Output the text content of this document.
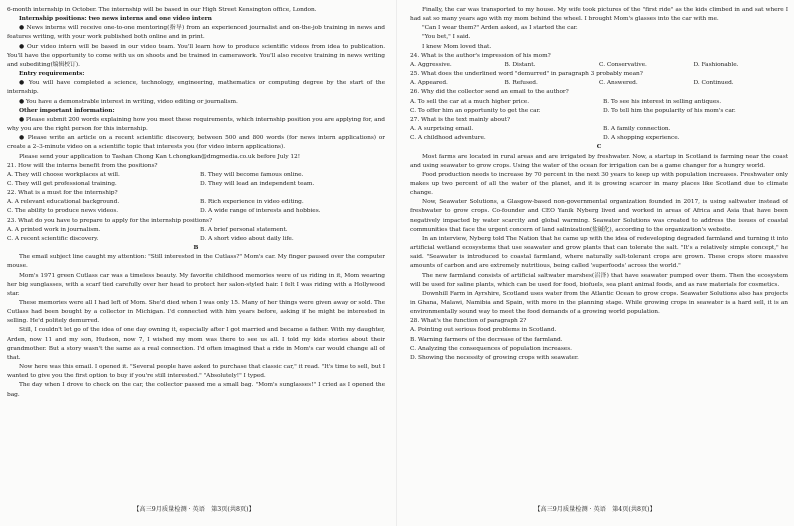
6-month internship in October. The internship will be based in our High Street Kensington office, London.

Internship positions: two news interns and one video intern

● News interns will receive one-to-one mentoring(指导) from an experienced journalist and on-the-job training in news and features writing, with your work published both online and in print.

● Our video intern will be based in our video team. You'll learn how to produce scientific videos from idea to publication. You'll have the opportunity to come with us on shoots and be trained in camerawork. You'll also receive training in news writing and subediting(编辑校订).

Entry requirements:

● You will have completed a science, technology, engineering, mathematics or computing degree by the start of the internship.

● You have a demonstrable interest in writing, video editing or journalism.

Other important information:

● Please submit 200 words explaining how you meet these requirements, which internship position you are applying for, and why you are the right person for this internship.

● Please write an article on a recent scientific discovery, between 500 and 800 words (for news intern applications) or create a 2–3-minute video on a scientific topic that interests you (for video intern applications).

Please send your application to Tashan Chong Kan t.chongkan@dmgmedia.co.uk before July 12!

21. How will the interns benefit from the positions?

A. They will choose workplaces at will.	B. They will become famous online.
C. They will get professional training.	D. They will lead an independent team.

22. What is a must for the internship?

A. A relevant educational background.	B. Rich experience in video editing.
C. The ability to produce news videos.	D. A wide range of interests and hobbies.

23. What do you have to prepare to apply for the internship positions?

A. A printed work in journalism.	B. A brief personal statement.
C. A recent scientific discovery.	D. A short video about daily life.

B

The email subject line caught my attention: "Still interested in the Cutlass?" Mom's car. My finger paused over the computer mouse.

Mom's 1971 green Cutlass car was a timeless beauty. My favorite childhood memories were of us riding in it, Mom wearing her big sunglasses, with a scarf tied carefully over her head to protect her salon-styled hair. I felt I was riding with a Hollywood star.

These memories were all I had left of Mom. She'd died when I was only 15. Many of her things were given away or sold. The Cutlass had been bought by a collector in Michigan. I'd connected with him years before, asking if he might be interested in selling. He'd politely demurred.

Still, I couldn't let go of the idea of one day owning it, especially after I got married and became a father. With my daughter, Arden, now 11 and my son, Hudson, now 7, I wished my mom was there to see us all. I told my kids stories about their grandmother. But a story wasn't the same as a real connection. I'd often imagined that a ride in Mom's car would change all of that.

Now here was this email. I opened it. "Several people have asked to purchase that classic car," it read. "It's time to sell, but I wanted to give you the first option to buy if you're still interested." "Absolutely!" I typed.

The day when I drove to check on the car, the collector passed me a small bag. "Mom's sunglasses!" I cried as I opened the bag.

Finally, the car was transported to my house. My wife took pictures of the "first ride" as the kids climbed in and sat where I had sat so many years ago with my mom behind the wheel. I brought Mom's glasses into the car with me.

"Can I wear them?" Arden asked, as I started the car.

"You bet," I said.

I knew Mom loved that.

24. What is the author's impression of his mom?

A. Aggressive.	B. Distant.	C. Conservative.	D. Fashionable.

25. What does the underlined word "demurred" in paragraph 3 probably mean?

A. Appeared.	B. Refused.	C. Answered.	D. Continued.

26. Why did the collector send an email to the author?

A. To sell the car at a much higher price.	B. To see his interest in selling antiques.
C. To offer him an opportunity to get the car.	D. To tell him the popularity of his mom's car.

27. What is the text mainly about?

A. A surprising email.	B. A family connection.
C. A childhood adventure.	D. A shopping experience.

C

Most farms are located in rural areas and are irrigated by freshwater. Now, a startup in Scotland is farming near the coast and using seawater to grow crops. Using the water of the ocean for irrigation can be a game changer for a hungry world.

Food production needs to increase by 70 percent in the next 30 years to keep up with population increases. Freshwater only makes up two percent of all the water of the planet, and it is growing scarcer in many places like Scotland due to climate change.

Now, Seawater Solutions, a Glasgow-based non-governmental organization founded in 2017, is using saltwater instead of freshwater to grow crops. Co-founder and CEO Yanik Nyberg lived and worked in areas of Africa and Asia that have been negatively impacted by water scarcity and global warming. Seawater Solutions was created to address the issues of coastal communities that face the urgent concern of land salinization(盐碱化), according to the organization's website.

In an interview, Nyberg told The Nation that he came up with the idea of redeveloping degraded farmland and turning it into artificial wetland ecosystems that use seawater and grow plants that can tolerate the salt. "It's a relatively simple concept," he said. "Seawater is introduced to coastal farmland, where naturally salt-tolerant crops are grown. These crops store massive amounts of carbon and are extremely nutritious, being called 'superfoods' across the world."

The new farmland consists of artificial saltwater marshes(沼泽) that have seawater pumped over them. Then the ecosystem will be used for saline plants, which can be used for food, biofuels, sea plant animal foods, and as raw materials for cosmetics.

Downhill Farm in Ayrshire, Scotland uses water from the Atlantic Ocean to grow crops. Seawater Solutions also has projects in Ghana, Malawi, Namibia and Spain, with more in the planning stage. While growing crops in seawater is a hard sell, it is an environmentally sound way to meet the food demands of a growing world population.

28. What's the function of paragraph 2?

A. Pointing out serious food problems in Scotland.

B. Warning farmers of the decrease of the farmland.

C. Analyzing the consequences of population increases.

D. Showing the necessity of growing crops with seawater.

【高三9月质量检测 · 英语　第3页(共8页)】	【高三9月质量检测 · 英语　第4页(共8页)】
